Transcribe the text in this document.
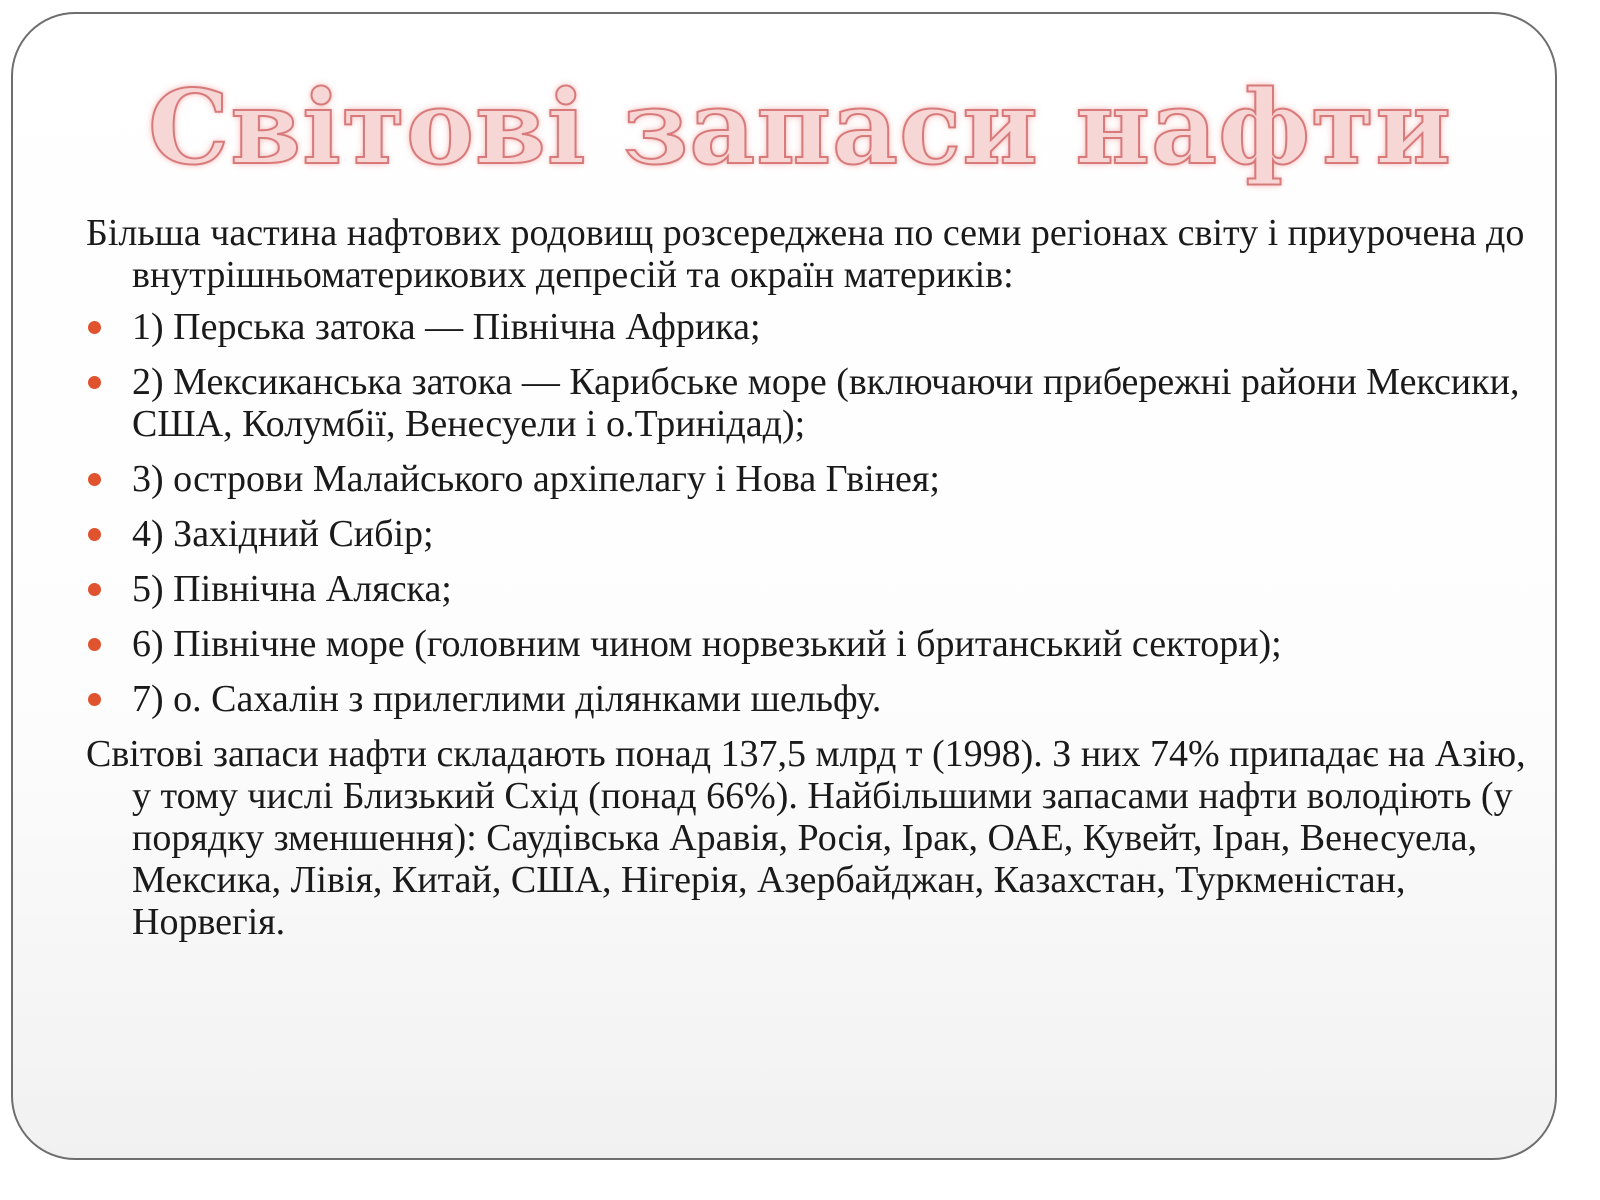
Світові запаси нафти

Більша частина нафтових родовищ розсереджена по семи регіонах світу і приурочена до внутрішньоматерикових депресій та окраїн материків:

1) Перська затока — Північна Африка;
2) Мексиканська затока — Карибське море (включаючи прибережні райони Мексики, США, Колумбії, Венесуели і о.Тринідад);
3) острови Малайського архіпелагу і Нова Гвінея;
4) Західний Сибір;
5) Північна Аляска;
6) Північне море (головним чином норвезький і британський сектори);
7) о. Сахалін з прилеглими ділянками шельфу.

Світові запаси нафти складають понад 137,5 млрд т (1998). З них 74% припадає на Азію, у тому числі Близький Схід (понад 66%). Найбільшими запасами нафти володіють (у порядку зменшення): Саудівська Аравія, Росія, Ірак, ОАЕ, Кувейт, Іран, Венесуела, Мексика, Лівія, Китай, США, Нігерія, Азербайджан, Казахстан, Туркменістан, Норвегія.
